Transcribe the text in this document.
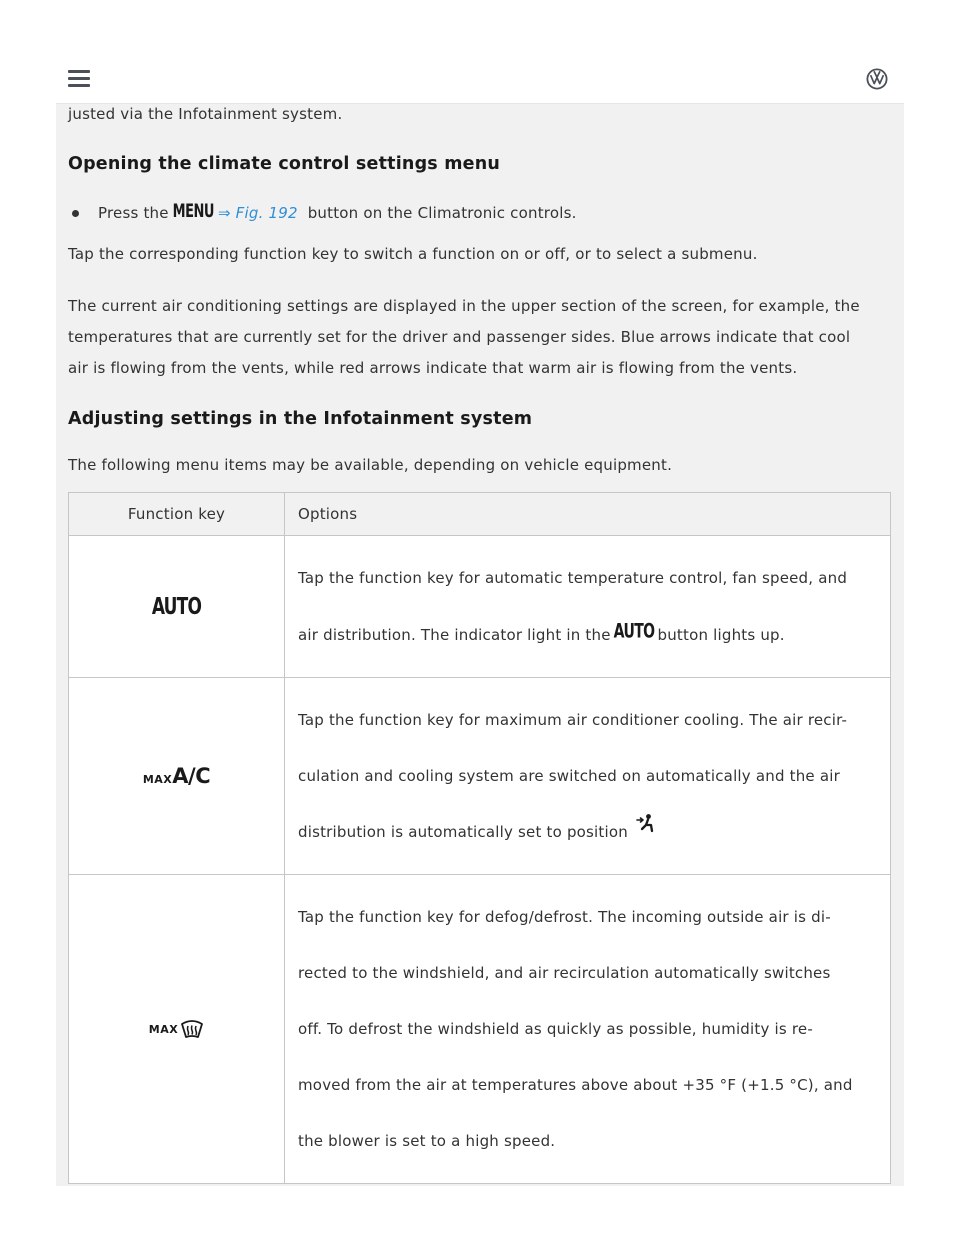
justed via the Infotainment system.
Opening the climate control settings menu
Press the MENU ⇒ Fig. 192 button on the Climatronic controls.
Tap the corresponding function key to switch a function on or off, or to select a submenu.
The current air conditioning settings are displayed in the upper section of the screen, for example, the
temperatures that are currently set for the driver and passenger sides. Blue arrows indicate that cool
air is flowing from the vents, while red arrows indicate that warm air is flowing from the vents.
Adjusting settings in the Infotainment system
The following menu items may be available, depending on vehicle equipment.
Function key	Options
AUTO	Tap the function key for automatic temperature control, fan speed, and
air distribution. The indicator light in the AUTO button lights up.

MAX A/C	Tap the function key for maximum air conditioner cooling. The air recir-
culation and cooling system are switched on automatically and the air
distribution is automatically set to position

MAX	Tap the function key for defog/defrost. The incoming outside air is di-
rected to the windshield, and air recirculation automatically switches
off. To defrost the windshield as quickly as possible, humidity is re-
moved from the air at temperatures above about +35 °F (+1.5 °C), and
the blower is set to a high speed.
